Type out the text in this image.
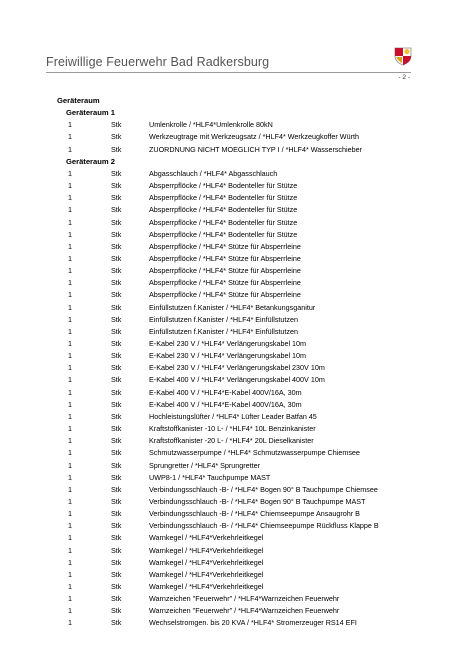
Freiwillige Feuerwehr Bad Radkersburg
- 2 -
Geräteraum
Geräteraum 1
1	Stk	Umlenkrolle / *HLF4*Umlenkrolle 80kN
1	Stk	Werkzeugtrage mit Werkzeugsatz / *HLF4* Werkzeugkoffer Würth
1	Stk	ZUORDNUNG NICHT MOEGLICH TYP I / *HLF4* Wasserschieber
Geräteraum 2
1	Stk	Abgasschlauch / *HLF4* Abgasschlauch
1	Stk	Absperrpflöcke / *HLF4* Bodenteller für Stütze
1	Stk	Absperrpflöcke / *HLF4* Bodenteller für Stütze
1	Stk	Absperrpflöcke / *HLF4* Bodenteller für Stütze
1	Stk	Absperrpflöcke / *HLF4* Bodenteller für Stütze
1	Stk	Absperrpflöcke / *HLF4* Bodenteller für Stütze
1	Stk	Absperrpflöcke / *HLF4* Stütze für Absperrleine
1	Stk	Absperrpflöcke / *HLF4* Stütze für Absperrleine
1	Stk	Absperrpflöcke / *HLF4* Stütze für Absperrleine
1	Stk	Absperrpflöcke / *HLF4* Stütze für Absperrleine
1	Stk	Absperrpflöcke / *HLF4* Stütze für Absperrleine
1	Stk	Einfüllstutzen f.Kanister / *HLF4* Betankungsganitur
1	Stk	Einfüllstutzen f.Kanister / *HLF4* Einfüllstutzen
1	Stk	Einfüllstutzen f.Kanister / *HLF4* Einfüllstutzen
1	Stk	E-Kabel 230 V / *HLF4* Verlängerungskabel 10m
1	Stk	E-Kabel 230 V / *HLF4* Verlängerungskabel 10m
1	Stk	E-Kabel 230 V / *HLF4* Verlängerungskabel 230V 10m
1	Stk	E-Kabel 400 V / *HLF4* Verlängerungskabel 400V 10m
1	Stk	E-Kabel 400 V / *HLF4*E-Kabel 400V/16A, 30m
1	Stk	E-Kabel 400 V / *HLF4*E-Kabel 400V/16A, 30m
1	Stk	Hochleistungslüfter / *HLF4* Lüfter Leader Batfan 45
1	Stk	Kraftstoffkanister -10 L- / *HLF4* 10L Benzinkanister
1	Stk	Kraftstoffkanister -20 L- / *HLF4* 20L Dieselkanister
1	Stk	Schmutzwasserpumpe / *HLF4* Schmutzwasserpumpe Chiemsee
1	Stk	Sprungretter / *HLF4* Sprungretter
1	Stk	UWP8-1 / *HLF4* Tauchpumpe MAST
1	Stk	Verbindungsschlauch -B- / *HLF4* Bogen 90° B Tauchpumpe Chiemsee
1	Stk	Verbindungsschlauch -B- / *HLF4* Bogen 90° B Tauchpumpe MAST
1	Stk	Verbindungsschlauch -B- / *HLF4* Chiemseepumpe Ansaugrohr B
1	Stk	Verbindungsschlauch -B- / *HLF4* Chiemseepumpe Rückfluss Klappe B
1	Stk	Warnkegel / *HLF4*Verkehrleitkegel
1	Stk	Warnkegel / *HLF4*Verkehrleitkegel
1	Stk	Warnkegel / *HLF4*Verkehrleitkegel
1	Stk	Warnkegel / *HLF4*Verkehrleitkegel
1	Stk	Warnkegel / *HLF4*Verkehrleitkegel
1	Stk	Warnzeichen "Feuerwehr" / *HLF4*Warnzeichen Feuerwehr
1	Stk	Warnzeichen "Feuerwehr" / *HLF4*Warnzeichen Feuerwehr
1	Stk	Wechselstromgen. bis 20 KVA / *HLF4* Stromerzeuger RS14 EFI
